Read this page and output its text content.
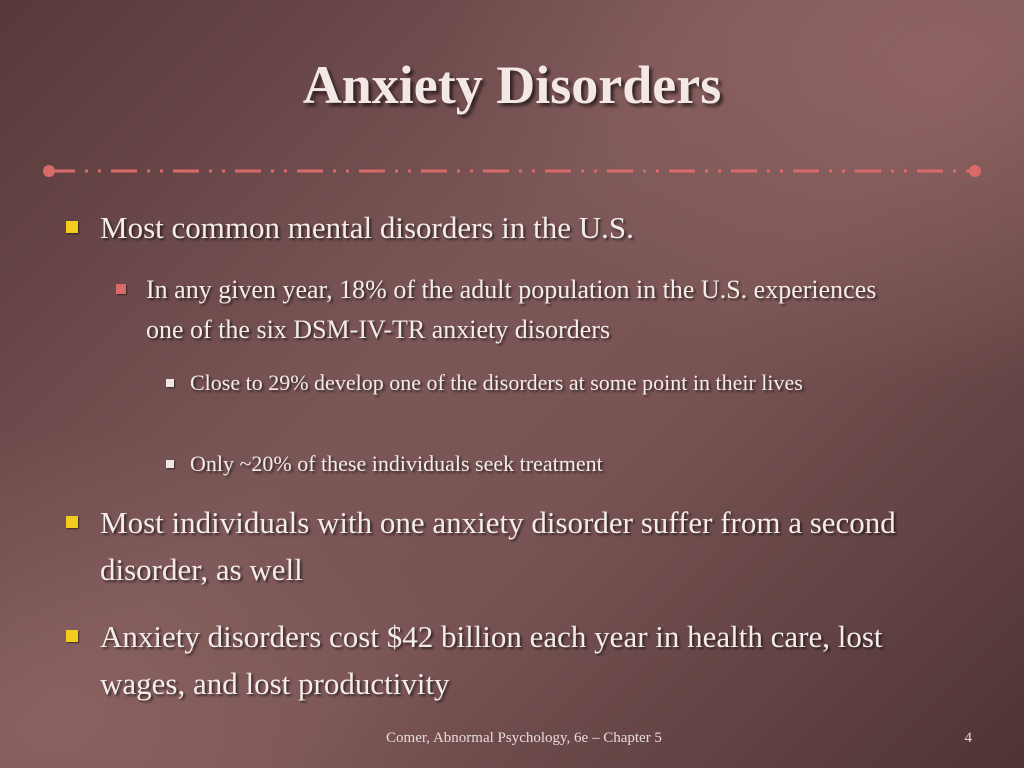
Anxiety Disorders
Most common mental disorders in the U.S.
In any given year, 18% of the adult population in the U.S. experiences one of the six DSM-IV-TR anxiety disorders
Close to 29% develop one of the disorders at some point in their lives
Only ~20% of these individuals seek treatment
Most individuals with one anxiety disorder suffer from a second disorder, as well
Anxiety disorders cost $42 billion each year in health care, lost wages, and lost productivity
Comer, Abnormal Psychology, 6e – Chapter 5	4
